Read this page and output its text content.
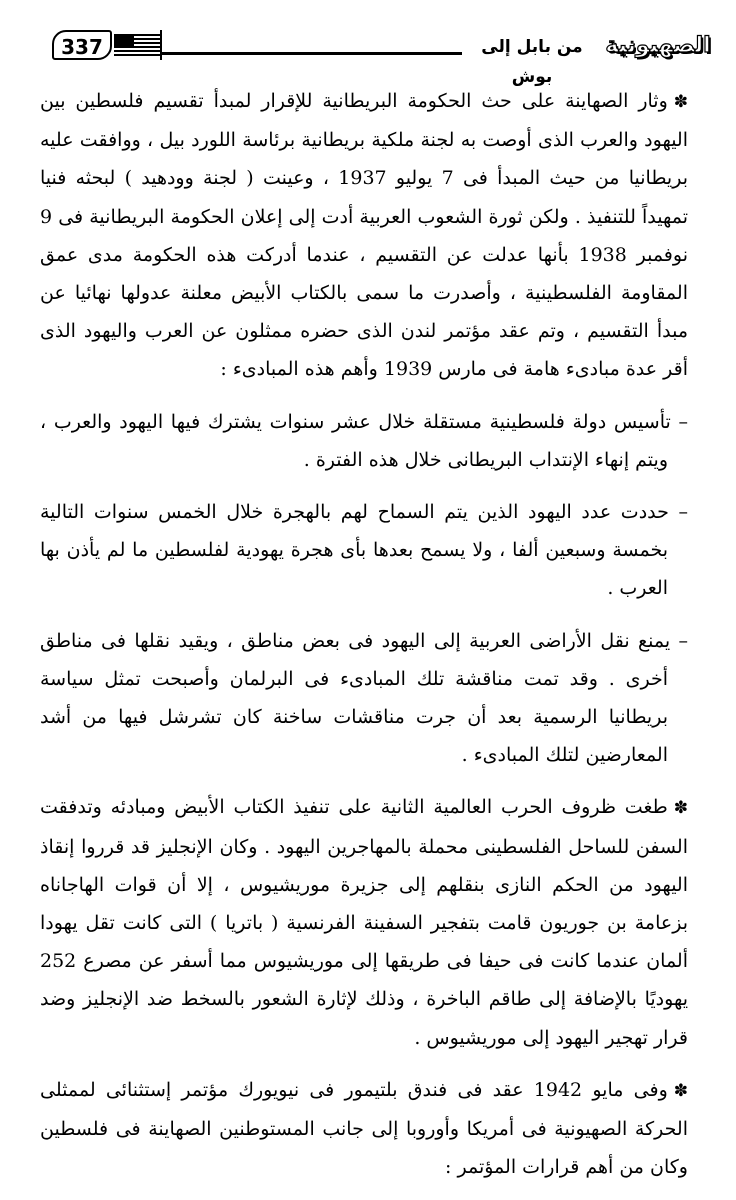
337	من بابل إلى بوش
الصهيونية

✽وثار الصهاينة على حث الحكومة البريطانية للإقرار لمبدأ تقسيم فلسطين بين اليهود والعرب الذى أوصت به لجنة ملكية بريطانية برئاسة اللورد بيل ، ووافقت عليه بريطانيا من حيث المبدأ فى 7 يوليو 1937 ، وعينت ( لجنة وودهيد ) لبحثه فنيا تمهيداً للتنفيذ . ولكن ثورة الشعوب العربية أدت إلى إعلان الحكومة البريطانية فى 9 نوفمبر 1938 بأنها عدلت عن التقسيم ، عندما أدركت هذه الحكومة مدى عمق المقاومة الفلسطينية ، وأصدرت ما سمى بالكتاب الأبيض معلنة عدولها نهائيا عن مبدأ التقسيم ، وتم عقد مؤتمر لندن الذى حضره ممثلون عن العرب واليهود الذى أقر عدة مبادىء هامة فى مارس 1939 وأهم هذه المبادىء :

– تأسيس دولة فلسطينية مستقلة خلال عشر سنوات يشترك فيها اليهود والعرب ، ويتم إنهاء الإنتداب البريطانى خلال هذه الفترة .

– حددت عدد اليهود الذين يتم السماح لهم بالهجرة خلال الخمس سنوات التالية بخمسة وسبعين ألفا ، ولا يسمح بعدها بأى هجرة يهودية لفلسطين ما لم يأذن بها العرب .

– يمنع نقل الأراضى العربية إلى اليهود فى بعض مناطق ، ويقيد نقلها فى مناطق أخرى . وقد تمت مناقشة تلك المبادىء فى البرلمان وأصبحت تمثل سياسة بريطانيا الرسمية بعد أن جرت مناقشات ساخنة كان تشرشل فيها من أشد المعارضين لتلك المبادىء .

✽طغت ظروف الحرب العالمية الثانية على تنفيذ الكتاب الأبيض ومبادئه وتدفقت السفن للساحل الفلسطينى محملة بالمهاجرين اليهود . وكان الإنجليز قد قرروا إنقاذ اليهود من الحكم النازى بنقلهم إلى جزيرة موريشيوس ، إلا أن قوات الهاجاناه بزعامة بن جوريون قامت بتفجير السفينة الفرنسية ( باتريا ) التى كانت تقل يهودا ألمان عندما كانت فى حيفا فى طريقها إلى موريشيوس مما أسفر عن مصرع 252 يهوديًا بالإضافة إلى طاقم الباخرة ، وذلك لإثارة الشعور بالسخط ضد الإنجليز وضد قرار تهجير اليهود إلى موريشيوس .

✽وفى مايو 1942 عقد فى فندق بلتيمور فى نيويورك مؤتمر إستثنائى لممثلى الحركة الصهيونية فى أمريكا وأوروبا إلى جانب المستوطنين الصهاينة فى فلسطين وكان من أهم قرارات المؤتمر :
